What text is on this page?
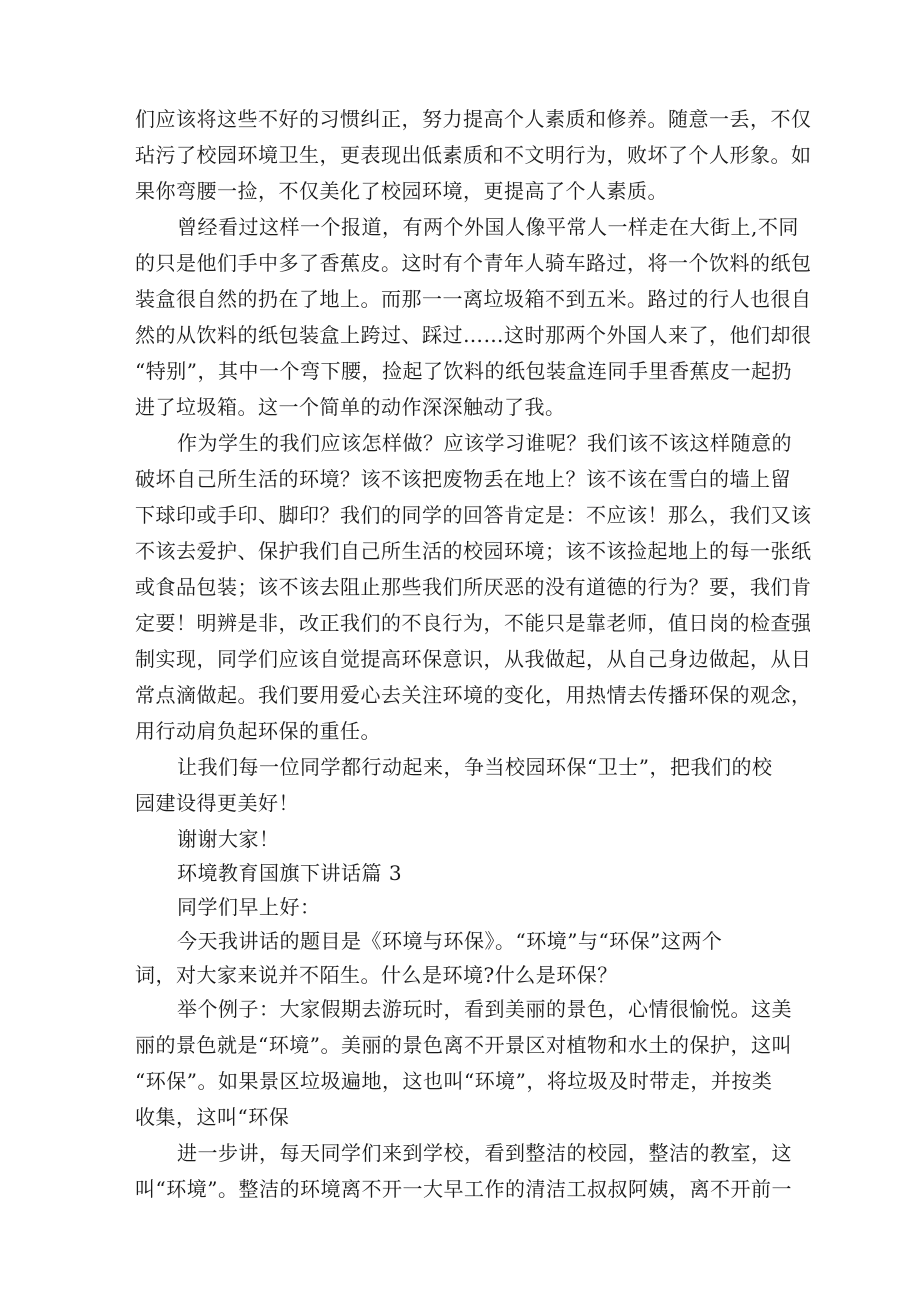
们应该将这些不好的习惯纠正，努力提高个人素质和修养。随意一丢，不仅
玷污了校园环境卫生，更表现出低素质和不文明行为，败坏了个人形象。如
果你弯腰一捡，不仅美化了校园环境，更提高了个人素质。
曾经看过这样一个报道，有两个外国人像平常人一样走在大街上,不同
的只是他们手中多了香蕉皮。这时有个青年人骑车路过，将一个饮料的纸包
装盒很自然的扔在了地上。而那一一离垃圾箱不到五米。路过的行人也很自
然的从饮料的纸包装盒上跨过、踩过……这时那两个外国人来了，他们却很
“特别”，其中一个弯下腰，捡起了饮料的纸包装盒连同手里香蕉皮一起扔
进了垃圾箱。这一个简单的动作深深触动了我。
作为学生的我们应该怎样做？应该学习谁呢？我们该不该这样随意的
破坏自己所生活的环境？该不该把废物丢在地上？该不该在雪白的墙上留
下球印或手印、脚印？我们的同学的回答肯定是：不应该！那么，我们又该
不该去爱护、保护我们自己所生活的校园环境；该不该捡起地上的每一张纸
或食品包装；该不该去阻止那些我们所厌恶的没有道德的行为？要，我们肯
定要！明辨是非，改正我们的不良行为，不能只是靠老师，值日岗的检查强
制实现，同学们应该自觉提高环保意识，从我做起，从自己身边做起，从日
常点滴做起。我们要用爱心去关注环境的变化，用热情去传播环保的观念，
用行动肩负起环保的重任。
让我们每一位同学都行动起来，争当校园环保“卫士”，把我们的校
园建设得更美好！
谢谢大家！
环境教育国旗下讲话篇 3
同学们早上好：
今天我讲话的题目是《环境与环保》。“环境”与“环保”这两个
词，对大家来说并不陌生。什么是环境?什么是环保？
举个例子：大家假期去游玩时，看到美丽的景色，心情很愉悦。这美
丽的景色就是“环境”。美丽的景色离不开景区对植物和水土的保护，这叫
“环保”。如果景区垃圾遍地，这也叫“环境”，将垃圾及时带走，并按类
收集，这叫“环保
进一步讲，每天同学们来到学校，看到整洁的校园，整洁的教室，这
叫“环境”。整洁的环境离不开一大早工作的清洁工叔叔阿姨，离不开前一
